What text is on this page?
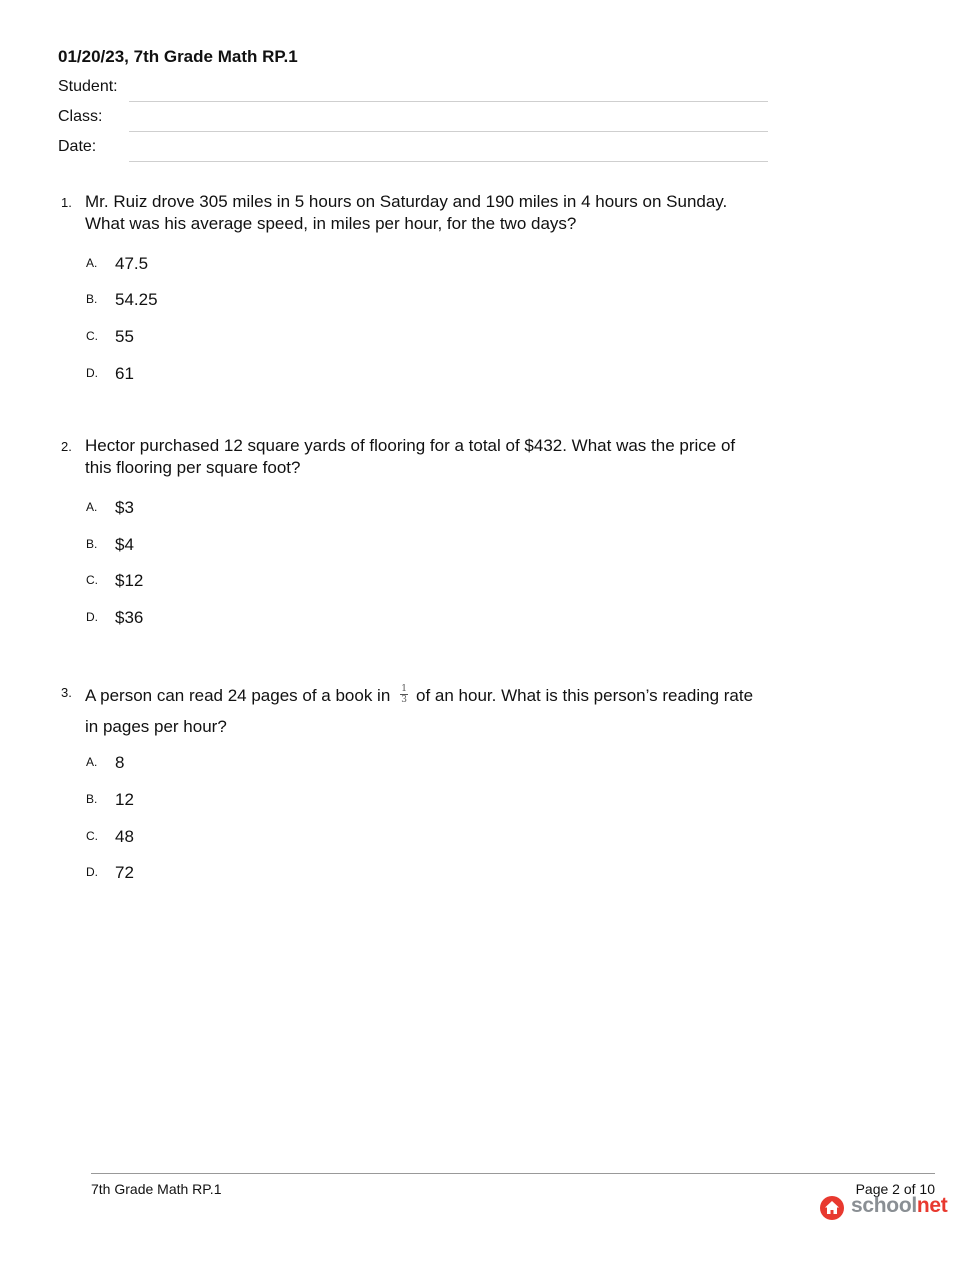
01/20/23, 7th Grade Math RP.1
Student:
Class:
Date:
1. Mr. Ruiz drove 305 miles in 5 hours on Saturday and 190 miles in 4 hours on Sunday. What was his average speed, in miles per hour, for the two days?
A. 47.5
B. 54.25
C. 55
D. 61
2. Hector purchased 12 square yards of flooring for a total of $432. What was the price of this flooring per square foot?
A. $3
B. $4
C. $12
D. $36
3. A person can read 24 pages of a book in $\frac{1}{3}$ of an hour. What is this person’s reading rate in pages per hour?
A. 8
B. 12
C. 48
D. 72
7th Grade Math RP.1	Page 2 of 10
schoolnet
